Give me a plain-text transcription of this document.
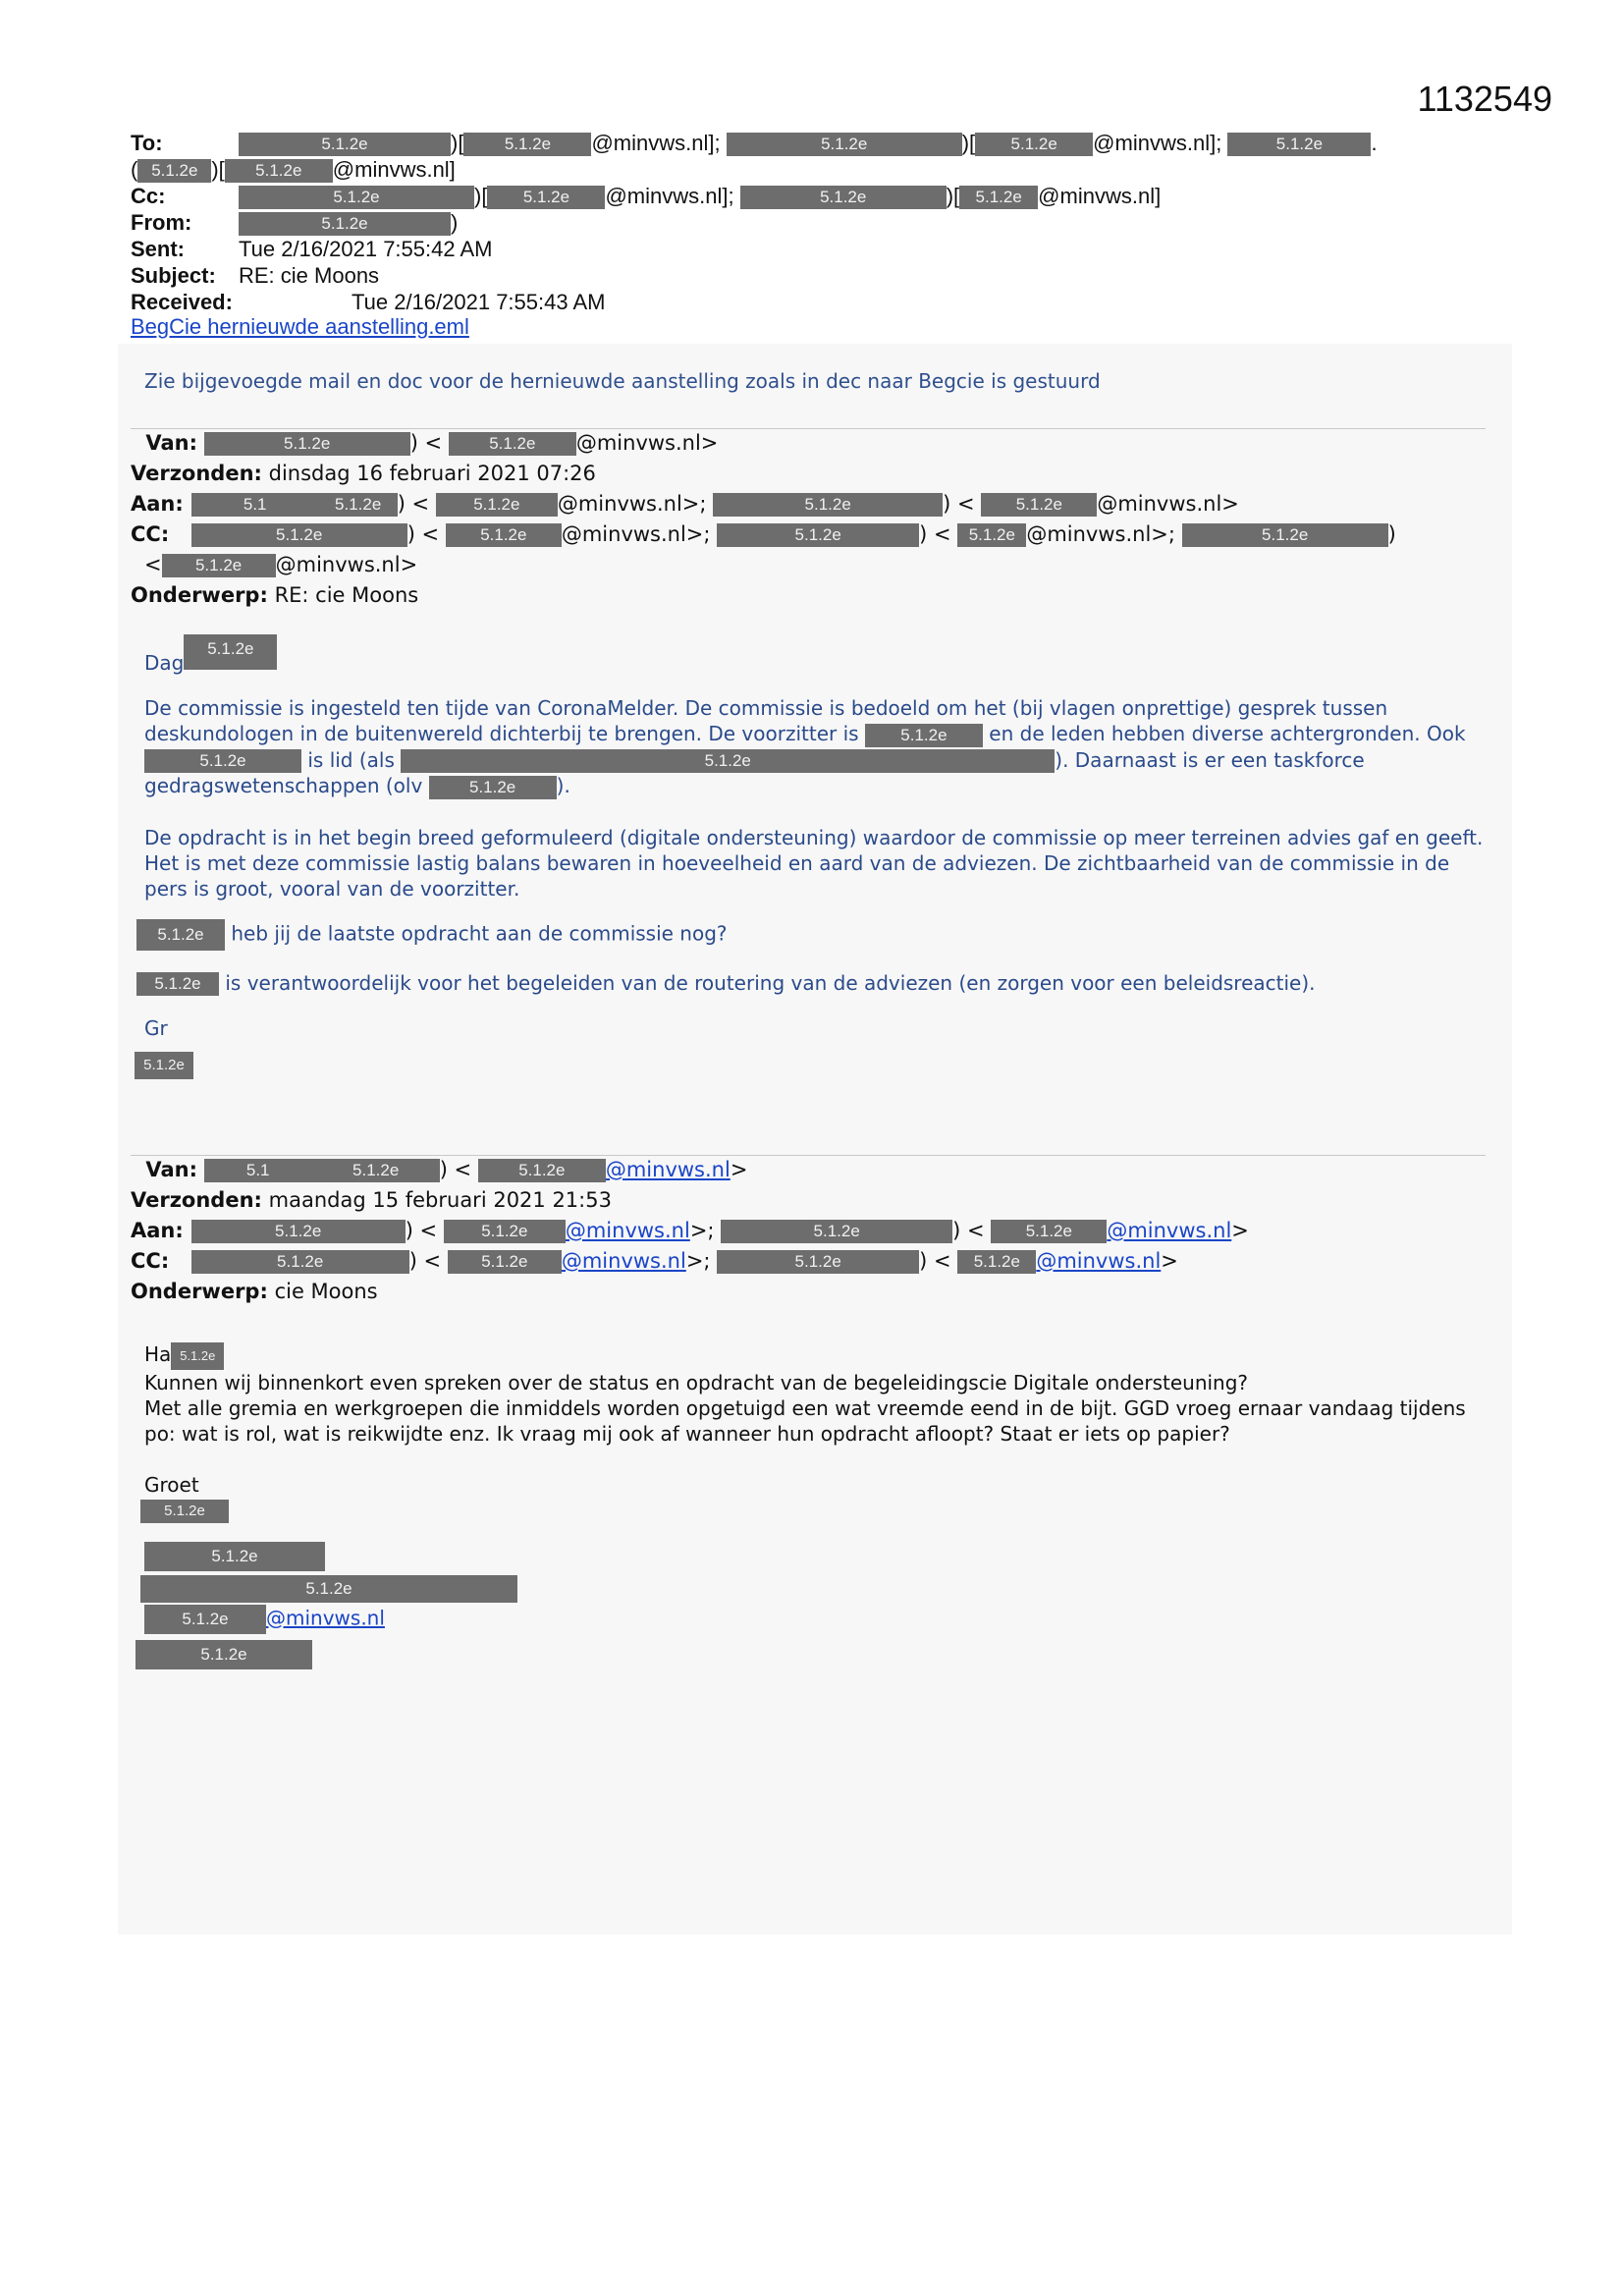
1132549
To:	5.1.2e	)[ 5.1.2e @minvws.nl];	5.1.2e	)[ 5.1.2e @minvws.nl];	5.1.2e .
( 5.1.2e )[ 5.1.2e @minvws.nl]
Cc:	5.1.2e	)[ 5.1.2e @minvws.nl];	5.1.2e	)[ 5.1.2e @minvws.nl]
From:	5.1.2e	)
Sent:	Tue 2/16/2021 7:55:42 AM
Subject: RE: cie Moons
Received:	Tue 2/16/2021 7:55:43 AM
BegCie hernieuwde aanstelling.eml
Zie bijgevoegde mail en doc voor de hernieuwde aanstelling zoals in dec naar Begcie is gestuurd
Van:	5.1.2e	) <	5.1.2e @minvws.nl>
Verzonden: dinsdag 16 februari 2021 07:26
Aan:	5.1	5.1.2e ) <	5.1.2e @minvws.nl>;	5.1.2e	) < 5.1.2e @minvws.nl>
CC:	5.1.2e	) < 5.1.2e @minvws.nl>;	5.1.2e	) < 5.1.2e @minvws.nl>;	5.1.2e	)
< 5.1.2e @minvws.nl>
Onderwerp: RE: cie Moons

Dag5.1.2e

De commissie is ingesteld ten tijde van CoronaMelder. De commissie is bedoeld om het (bij vlagen onprettige) gesprek tussen deskundologen in de buitenwereld dichterbij te brengen. De voorzitter is	5.1.2e en de leden hebben diverse achtergronden. Ook 5.1.2e	is lid (als	5.1.2e	). Daarnaast is er een taskforce gedragswetenschappen (olv	5.1.2e ).

De opdracht is in het begin breed geformuleerd (digitale ondersteuning) waardoor de commissie op meer terreinen advies gaf en geeft. Het is met deze commissie lastig balans bewaren in hoeveelheid en aard van de adviezen. De zichtbaarheid van de commissie in de pers is groot, vooral van de voorzitter.

5.1.2e heb jij de laatste opdracht aan de commissie nog?

5.1.2e is verantwoordelijk voor het begeleiden van de routering van de adviezen (en zorgen voor een beleidsreactie).

Gr

5.1.2e

Van:	5.1	5.1.2e ) <	5.1.2e @minvws.nl>
Verzonden: maandag 15 februari 2021 21:53
Aan:	5.1.2e	) <	5.1.2e @minvws.nl>;	5.1.2e	) < 5.1.2e @minvws.nl>
CC:	5.1.2e	) < 5.1.2e @minvws.nl>;	5.1.2e	) < 5.1.2e @minvws.nl>
Onderwerp: cie Moons

Ha 5.1.2e

Kunnen wij binnenkort even spreken over de status en opdracht van de begeleidingscie Digitale ondersteuning?

Met alle gremia en werkgroepen die inmiddels worden opgetuigd een wat vreemde eend in de bijt. GGD vroeg ernaar vandaag tijdens po: wat is rol, wat is reikwijdte enz. Ik vraag mij ook af wanneer hun opdracht afloopt? Staat er iets op papier?

Groet

5.1.2e

5.1.2e
5.1.2e
5.1.2e @minvws.nl
5.1.2e
